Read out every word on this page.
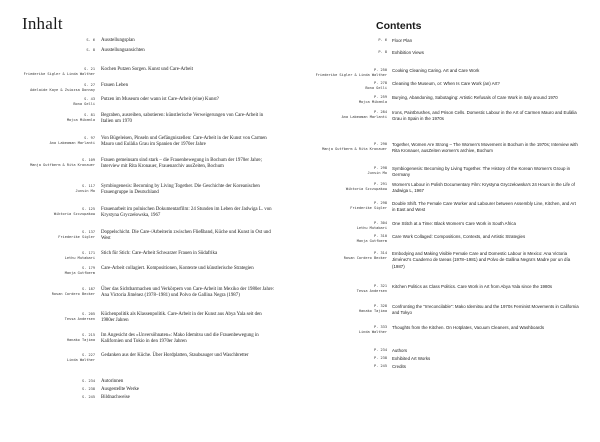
Inhalt
S. 6 Ausstellungsplan
S. 8 Ausstellungsansichten
S. 21
Friederike Sigler & Linda Walther
Kochen Putzen Sorgen. Kunst und Care-Arbeit
S. 27
Adelaide Kaye & Zsiozsa Donnay
Frauen Leben
S. 43
Bona Gelli
Putzen im Museum oder wann ist Care-Arbeit (eine) Kunst?
S. 81
Mojca Mikemla
Begraben, ausreiben, sabotieren: künstlerische Verweigerungen von Care-Arbeit in Italien um 1970
S. 97
Ana Labeaman Marlanti
Von Bügeleisen, Pinseln und Gefängniszellen: Care-Arbeit in der Kunst von Carmen Mauro und Eulàlia Grau im Spanien der 1970er Jahre
S. 109
Manja Gutfberm & Rita Kronauer
Frauen gemeinsam sind stark – die Frauenbewegung in Bochum der 1970er Jahre; Interview mit Rita Kronauer, Frauenarchiv ausZeiten, Bochum
S. 117
Junsin Mo
Symbiogenesis: Becoming by Living Together. Die Geschichte der Koreanischen Frauengruppe in Deutschland
S. 125
Wiktoria Szczupakow
Frauenarbeit im polnischen Dokumentarfilm: 24 Stunden im Leben der Jadwiga L. von Krystyna Gryczełowska, 1967
S. 137
Friederike Sigler
Doppelschicht. Die Care-/Arbeiterin zwischen Fließband, Küche und Kunst in Ost und West
S. 171
Lethu Mutabari
Stich für Stich: Care-Arbeit Schwarzer Frauen in Südafrika
S. 179
Manja Gutfberm
Care-Arbeit collagiert. Kompositionen, Kontexte und künstlerische Strategien
S. 187
Rosan Cordero Becker
Über das Sichtbarmachen und Verkörpern von Care-Arbeit im Mexiko der 1980er Jahre: Ana Victoria Jiménez (1978–1981) und Polvo de Gallina Negra (1987)
S. 205
Tessa Andersen
Küchenpolitik als Klassenpolitik. Care-Arbeit in der Kunst aus Abya Yala seit den 1980er Jahren
S. 215
Hanako Tajima
Im Angesicht des »Unversöhnaten«: Mako Idemitsu und die Frauenbewegung in Kalifornien und Tokio in den 1970er Jahren
S. 227
Linda Walther
Gedanken aus der Küche. Über Hordplatten, Staubsauger und Waschbretter
S. 234 Autorinnen
S. 238 Ausgestellte Werke
S. 245 Bildnachweise
Contents
P. 6 Floor Plan
P. 8 Exhibition Views
P. 250
Friederike Sigler & Linda Walther
Cooking Cleaning Caring. Art and Care Work
P. 278
Bona Gelli
Cleaning the Museum, or: When Is Care Work (an) Art?
P. 259
Mojca Mikemla
Burying, Abandoning, Sabotaging: Artistic Refusals of Care Work in Italy around 1970
P. 284
Ana Labeaman Marlanti
Irons, Paintbrushes, and Prison Cells. Domestic Labour in the Art of Carmen Mauro and Eulàlia Grau in Spain in the 1970s
P. 290
Manja Gutfberm & Rita Kronauer
Together, Women Are Strong – The Women's Movement in Bochum in the 1970s; Interview with Rita Kronauer, ausZeiten women's archive, Bochum
P. 298
Junsin Mo
Symbiogenesis: Becoming by Living Together. The History of the Korean Women's Group in Germany
P. 291
Wiktoria Szczupakow
Women's Labour in Polish Documentary Film: Krystyna Gryczełowska's 24 Hours in the Life of Jadwiga L, 1967
P. 298
Friederike Sigler
Double Shift. The Female Care Worker and Labourer between Assembly Line, Kitchen, and Art in East and West
P. 304
Lethu Mutabari
One Stitch at a Time: Black Women's Care Work in South Africa
P. 310
Manja Gutfberm
Care Work Collaged: Compositions, Contexts, and Artistic Strategies
P. 314
Rosan Cordero Becker
Embodying and Making Visible Female Care and Domestic Labour in Mexico: Ana Victoria Jiménez's Cuaderno de tareas (1978–1981) and Polvo de Gallina Negra's Madre por un día (1987)
P. 321
Tessa Andersen
Kitchen Politics as Class Politics. Care Work in Art from Abya Yala since the 1980s
P. 328
Hanako Tajima
Confronting the "Irreconcilable": Mako Idemitsu and the 1970s Feminist Movements in California and Tokyo
P. 333
Linda Walther
Thoughts from the Kitchen. On Hotplates, Vacuum Cleaners, and Washboards
P. 234 Authors
P. 238 Exhibited Art Works
P. 245 Credits
